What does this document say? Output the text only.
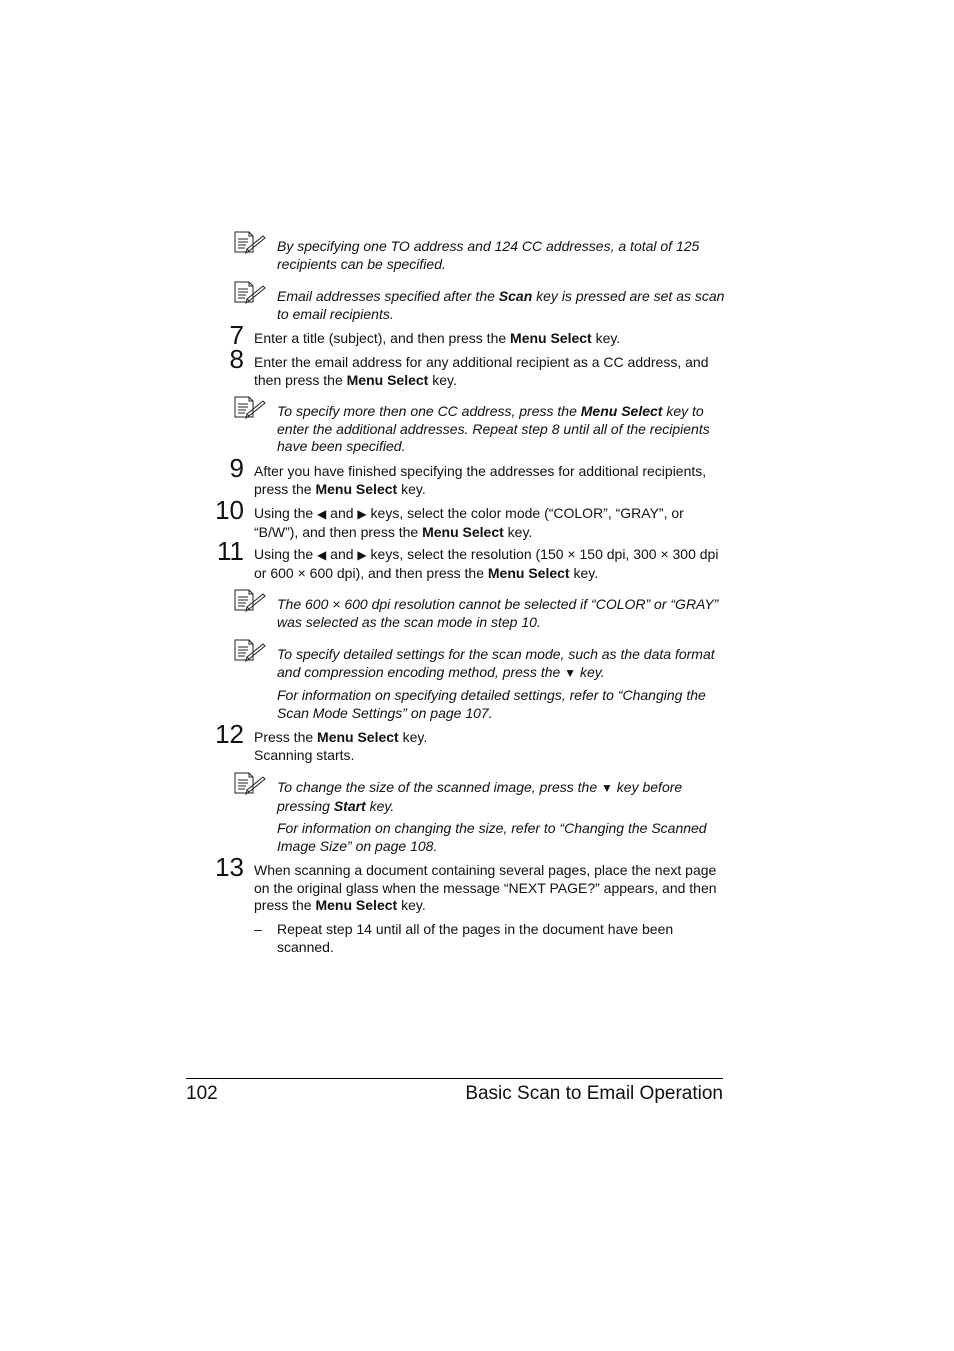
By specifying one TO address and 124 CC addresses, a total of 125 recipients can be specified.

Email addresses specified after the Scan key is pressed are set as scan to email recipients.

7 Enter a title (subject), and then press the Menu Select key.

8 Enter the email address for any additional recipient as a CC address, and then press the Menu Select key.

To specify more then one CC address, press the Menu Select key to enter the additional addresses. Repeat step 8 until all of the recipients have been specified.

9 After you have finished specifying the addresses for additional recipients, press the Menu Select key.

10 Using the ◀ and ▶ keys, select the color mode (“COLOR”, “GRAY”, or “B/W”), and then press the Menu Select key.

11 Using the ◀ and ▶ keys, select the resolution (150 × 150 dpi, 300 × 300 dpi or 600 × 600 dpi), and then press the Menu Select key.

The 600 × 600 dpi resolution cannot be selected if “COLOR” or “GRAY” was selected as the scan mode in step 10.

To specify detailed settings for the scan mode, such as the data format and compression encoding method, press the ▼ key.

For information on specifying detailed settings, refer to “Changing the Scan Mode Settings” on page 107.

12 Press the Menu Select key.
Scanning starts.

To change the size of the scanned image, press the ▼ key before pressing Start key.

For information on changing the size, refer to “Changing the Scanned Image Size” on page 108.

13 When scanning a document containing several pages, place the next page on the original glass when the message “NEXT PAGE?” appears, and then press the Menu Select key.

– Repeat step 14 until all of the pages in the document have been scanned.

102	Basic Scan to Email Operation
